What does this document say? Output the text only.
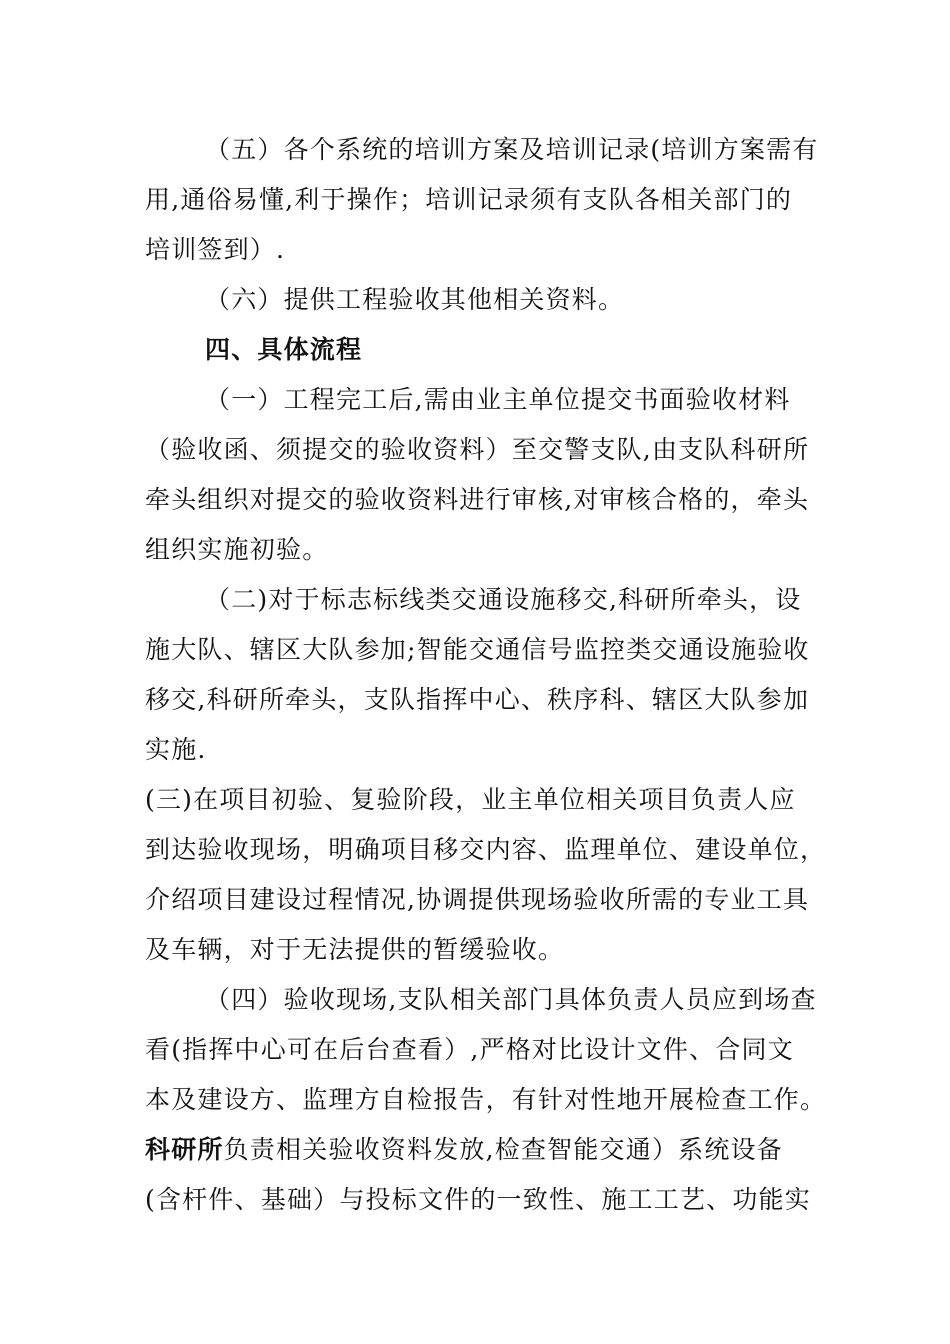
（五）各个系统的培训方案及培训记录(培训方案需有

用,通俗易懂,利于操作；培训记录须有支队各相关部门的

培训签到）.

（六）提供工程验收其他相关资料。

四、具体流程

（一）工程完工后,需由业主单位提交书面验收材料

（验收函、须提交的验收资料）至交警支队,由支队科研所

牵头组织对提交的验收资料进行审核,对审核合格的，牵头

组织实施初验。

（二)对于标志标线类交通设施移交,科研所牵头，设

施大队、辖区大队参加;智能交通信号监控类交通设施验收

移交,科研所牵头，支队指挥中心、秩序科、辖区大队参加

实施.

(三)在项目初验、复验阶段，业主单位相关项目负责人应

到达验收现场，明确项目移交内容、监理单位、建设单位，

介绍项目建设过程情况,协调提供现场验收所需的专业工具

及车辆，对于无法提供的暂缓验收。

（四）验收现场,支队相关部门具体负责人员应到场查

看(指挥中心可在后台查看）,严格对比设计文件、合同文

本及建设方、监理方自检报告，有针对性地开展检查工作。

科研所负责相关验收资料发放,检查智能交通）系统设备

(含杆件、基础）与投标文件的一致性、施工工艺、功能实
